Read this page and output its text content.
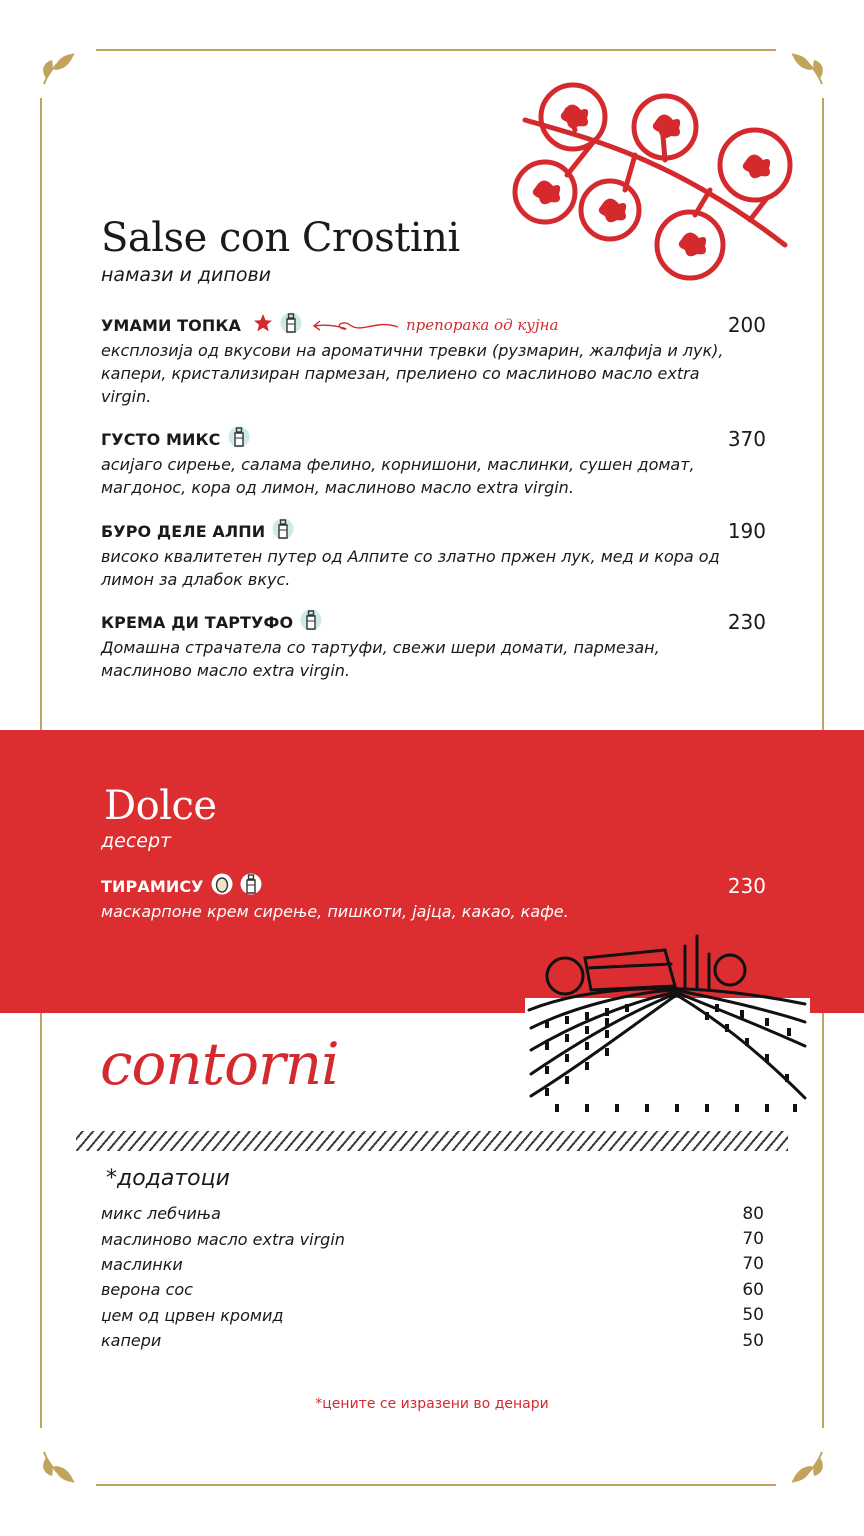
Salse con Crostini
намази и дипови
УМАМИ ТОПКА	препорака од кујна	200
експлозија од вкусови на ароматични тревки (рузмарин, жалфија и лук), капери, кристализиран пармезан, прелиено со маслиново масло extra virgin.
ГУСТО МИКС	370
асијаго сирење, салама фелино, корнишони, маслинки, сушен домат, магдонос, кора од лимон, маслиново масло extra virgin.
БУРО ДЕЛЕ АЛПИ	190
високо квалитетен путер од Алпите со златно пржен лук, мед и кора од лимон за длабок вкус.
КРЕМА ДИ ТАРТУФО	230
Домашна страчатела со тартуфи, свежи шери домати, пармезан, маслиново масло extra virgin.
Dolce
десерт
ТИРАМИСУ	230
маскарпоне крем сирење, пишкоти, јајца, какао, кафе.
contorni
*додатоци
микс лебчиња	80
маслиново масло extra virgin	70
маслинки	70
верона сос	60
џем од црвен кромид	50
капери	50
*цените се изразени во денари
